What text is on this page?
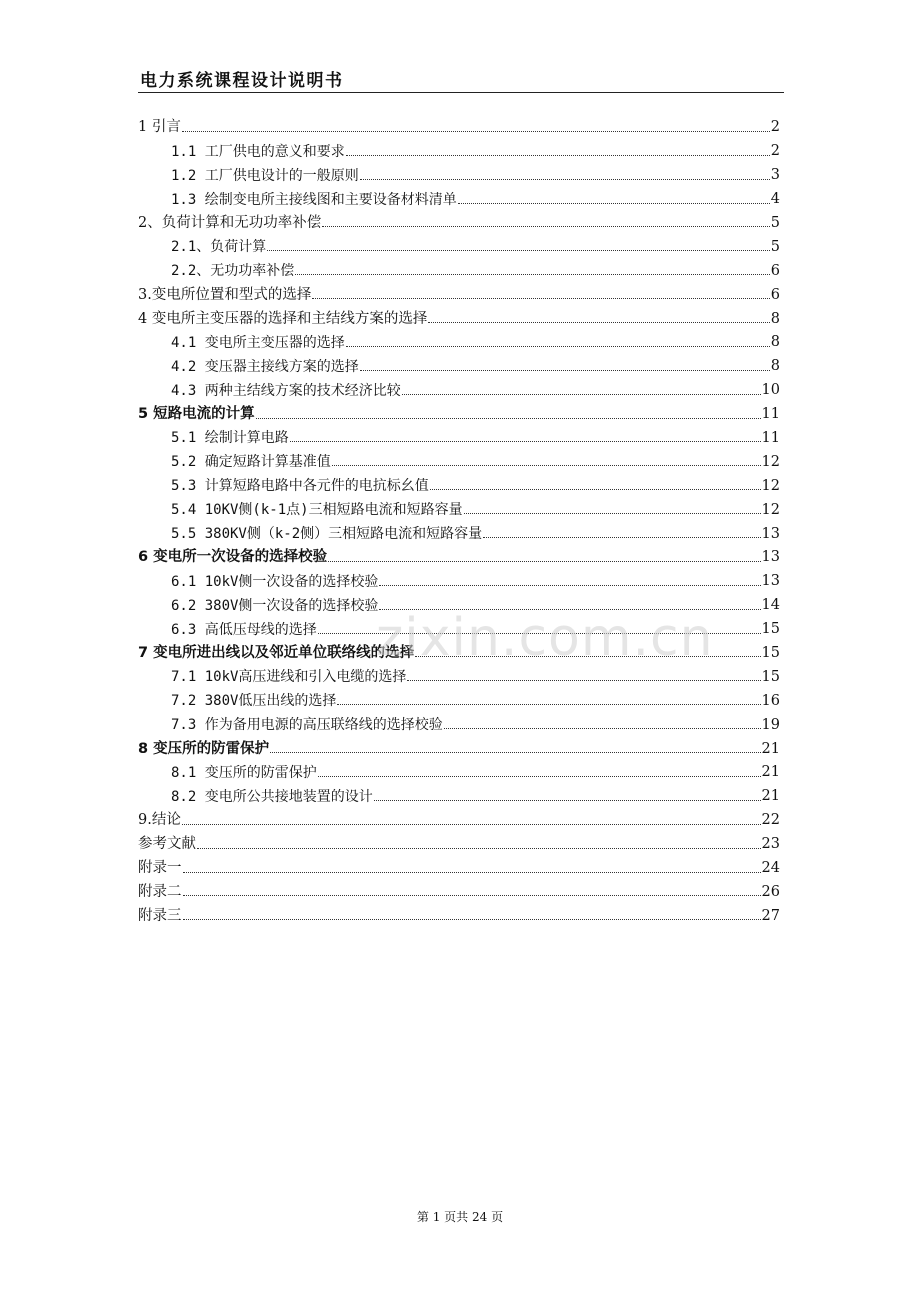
电力系统课程设计说明书
1 引言	2
1.1 工厂供电的意义和要求	2
1.2 工厂供电设计的一般原则	3
1.3 绘制变电所主接线图和主要设备材料清单	4
2、负荷计算和无功功率补偿	5
2.1、负荷计算	5
2.2、无功功率补偿	6
3.变电所位置和型式的选择	6
4 变电所主变压器的选择和主结线方案的选择	8
4.1 变电所主变压器的选择	8
4.2 变压器主接线方案的选择	8
4.3 两种主结线方案的技术经济比较	10
5 短路电流的计算	11
5.1 绘制计算电路	11
5.2 确定短路计算基准值	12
5.3 计算短路电路中各元件的电抗标幺值	12
5.4 10KV侧(k-1点)三相短路电流和短路容量	12
5.5 380KV侧（k-2侧）三相短路电流和短路容量	13
6 变电所一次设备的选择校验	13
6.1 10kV侧一次设备的选择校验	13
6.2 380V侧一次设备的选择校验	14
6.3 高低压母线的选择	15
7 变电所进出线以及邻近单位联络线的选择	15
7.1 10kV高压进线和引入电缆的选择	15
7.2 380V低压出线的选择	16
7.3 作为备用电源的高压联络线的选择校验	19
8 变压所的防雷保护	21
8.1 变压所的防雷保护	21
8.2 变电所公共接地装置的设计	21
9.结论	22
参考文献	23
附录一	24
附录二	26
附录三	27
zixin.com.cn
第 1 页共 24 页
